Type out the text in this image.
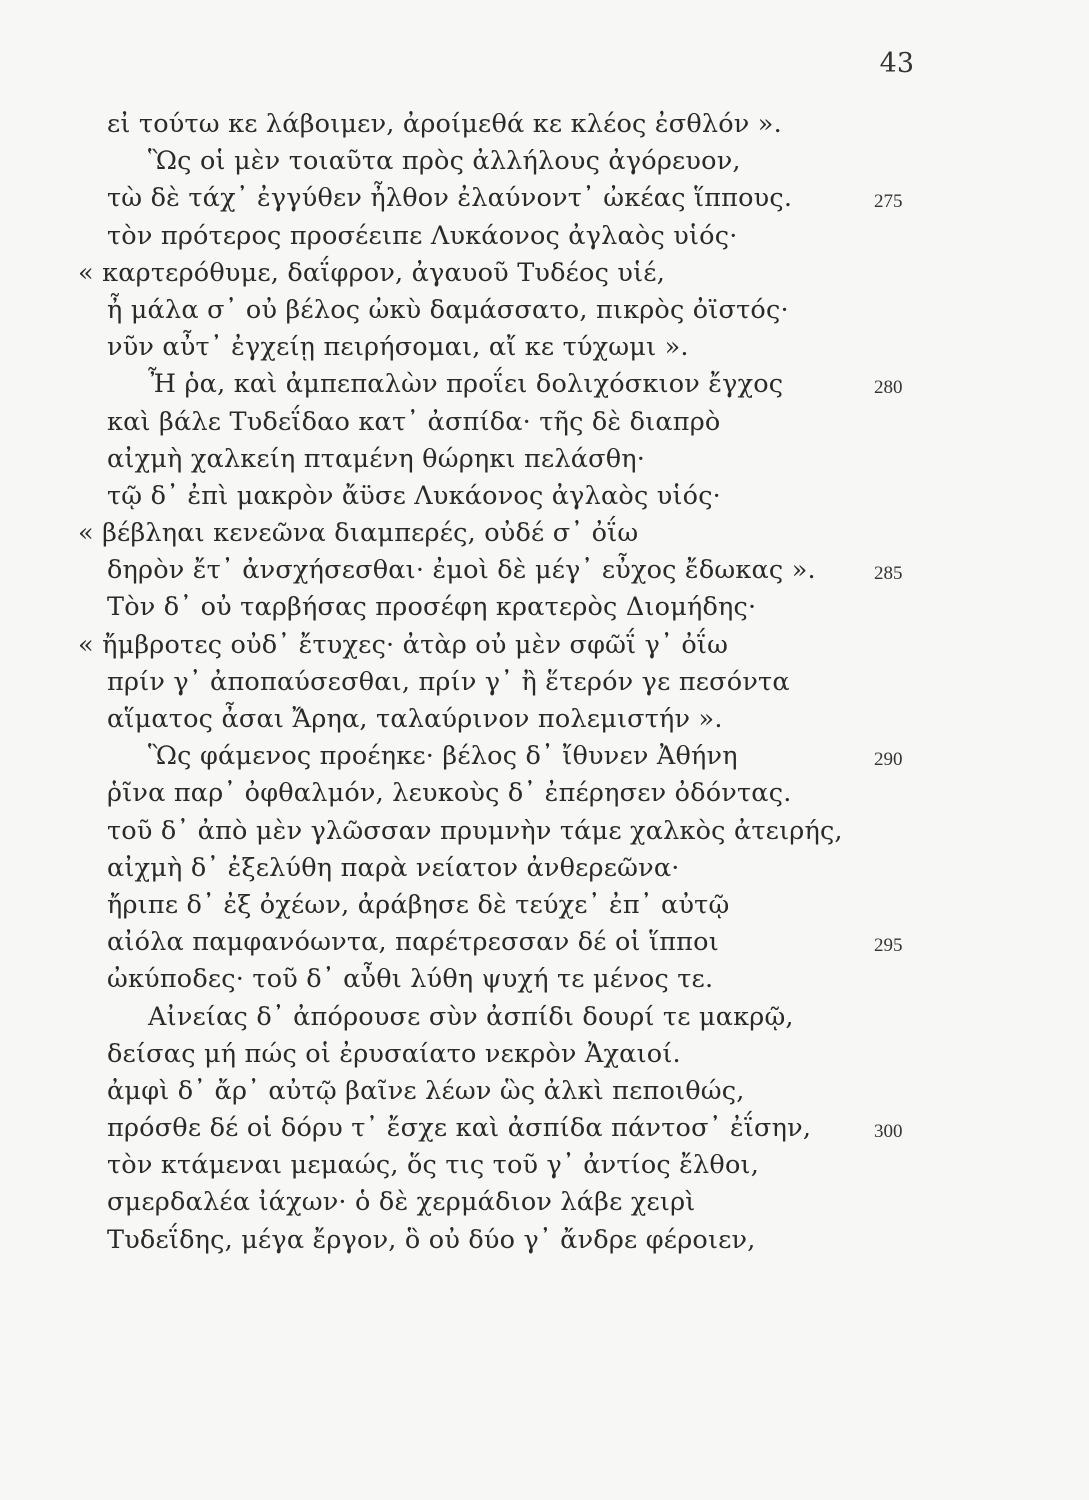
43
εἰ τούτω κε λάβοιμεν, ἀροίμεθά κε κλέος ἐσθλόν ».
Ὣς οἱ μὲν τοιαῦτα πρὸς ἀλλήλους ἀγόρευον,
τὼ δὲ τάχ᾽ ἐγγύθεν ἦλθον ἐλαύνοντ᾽ ὠκέας ἵππους.	275
τὸν πρότερος προσέειπε Λυκάονος ἀγλαὸς υἱός·
« καρτερόθυμε, δαΐφρον, ἀγαυοῦ Τυδέος υἱέ,
ἦ μάλα σ᾽ οὐ βέλος ὠκὺ δαμάσσατο, πικρὸς ὀϊστός·
νῦν αὖτ᾽ ἐγχείῃ πειρήσομαι, αἴ κε τύχωμι ».
Ἦ ῥα, καὶ ἀμπεπαλὼν προΐει δολιχόσκιον ἔγχος	280
καὶ βάλε Τυδεΐδαο κατ᾽ ἀσπίδα· τῆς δὲ διαπρὸ
αἰχμὴ χαλκείη πταμένη θώρηκι πελάσθη·
τῷ δ᾽ ἐπὶ μακρὸν ἄϋσε Λυκάονος ἀγλαὸς υἱός·
« βέβληαι κενεῶνα διαμπερές, οὐδέ σ᾽ ὀΐω
δηρὸν ἔτ᾽ ἀνσχήσεσθαι· ἐμοὶ δὲ μέγ᾽ εὖχος ἔδωκας ».	285
Τὸν δ᾽ οὐ ταρβήσας προσέφη κρατερὸς Διομήδης·
« ἤμβροτες οὐδ᾽ ἔτυχες· ἀτὰρ οὐ μὲν σφῶΐ γ᾽ ὀΐω
πρίν γ᾽ ἀποπαύσεσθαι, πρίν γ᾽ ἢ ἕτερόν γε πεσόντα
αἵματος ἆσαι Ἄρηα, ταλαύρινον πολεμιστήν ».
Ὣς φάμενος προέηκε· βέλος δ᾽ ἴθυνεν Ἀθήνη	290
ῥῖνα παρ᾽ ὀφθαλμόν, λευκοὺς δ᾽ ἐπέρησεν ὀδόντας.
τοῦ δ᾽ ἀπὸ μὲν γλῶσσαν πρυμνὴν τάμε χαλκὸς ἀτειρής,
αἰχμὴ δ᾽ ἐξελύθη παρὰ νείατον ἀνθερεῶνα·
ἤριπε δ᾽ ἐξ ὀχέων, ἀράβησε δὲ τεύχε᾽ ἐπ᾽ αὐτῷ
αἰόλα παμφανόωντα, παρέτρεσσαν δέ οἱ ἵπποι	295
ὠκύποδες· τοῦ δ᾽ αὖθι λύθη ψυχή τε μένος τε.
Αἰνείας δ᾽ ἀπόρουσε σὺν ἀσπίδι δουρί τε μακρῷ,
δείσας μή πώς οἱ ἐρυσαίατο νεκρὸν Ἀχαιοί.
ἀμφὶ δ᾽ ἄρ᾽ αὐτῷ βαῖνε λέων ὣς ἀλκὶ πεποιθώς,
πρόσθε δέ οἱ δόρυ τ᾽ ἔσχε καὶ ἀσπίδα πάντοσ᾽ ἐΐσην,	300
τὸν κτάμεναι μεμαώς, ὅς τις τοῦ γ᾽ ἀντίος ἔλθοι,
σμερδαλέα ἰάχων· ὁ δὲ χερμάδιον λάβε χειρὶ
Τυδεΐδης, μέγα ἔργον, ὃ οὐ δύο γ᾽ ἄνδρε φέροιεν,
